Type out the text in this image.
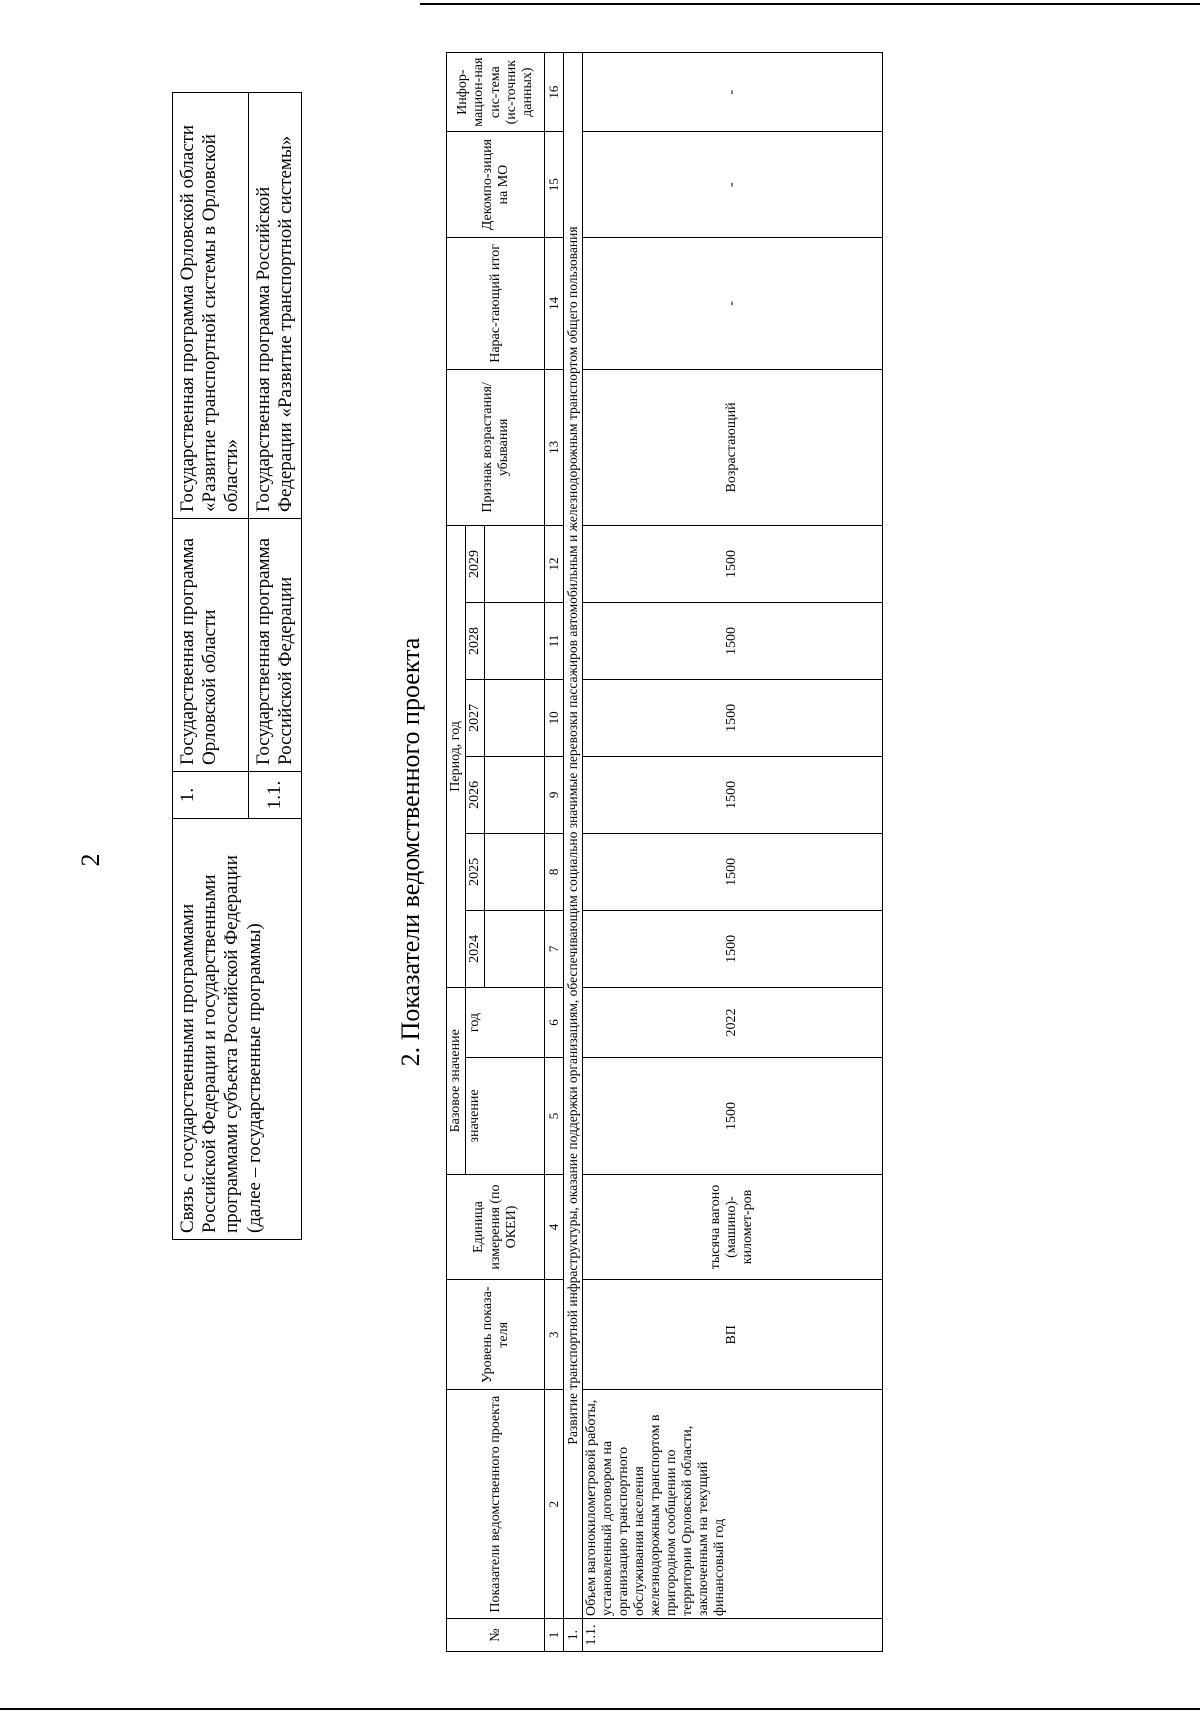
2
Связь с государственными программами Российской Федерации и государственными программами субъекта Российской Федерации (далее – государственные программы)	1.	Государственная программа Орловской области	Государственная программа Орловской области «Развитие транспортной системы в Орловской области»
	1.1.	Государственная программа Российской Федерации	Государственная программа Российской Федерации «Развитие транспортной системы»
2. Показатели ведомственного проекта
№	Показатели ведомственного проекта	Уровень показа-теля	Единица измерения (по ОКЕИ)	Базовое значение		Период, год						Признак возрастания/ убывания	Нарас-тающий итог	Декомпо-зиция на МО	Инфор-мацион-ная сис-тема (ис-точник данных)
				значение	год	2024	2025	2026	2027	2028	2029				

1	2	3	4	5	6	7	8	9	10	11	12	13	14	15	16
1.	Развитие транспортной инфраструктуры, оказание поддержки организациям, обеспечивающим социально значимые перевозки пассажиров автомобильным и железнодорожным транспортом общего пользования														
1.1.	Объем вагонокилометровой работы, установленный договором на организацию транспортного обслуживания населения железнодорожным транспортом в пригородном сообщении по территории Орловской области, заключенным на текущий финансовый год	ВП	тысяча вагоно (машино)-километ-ров	1500	2022	1500	1500	1500	1500	1500	1500	Возрастающий	-	-	-
